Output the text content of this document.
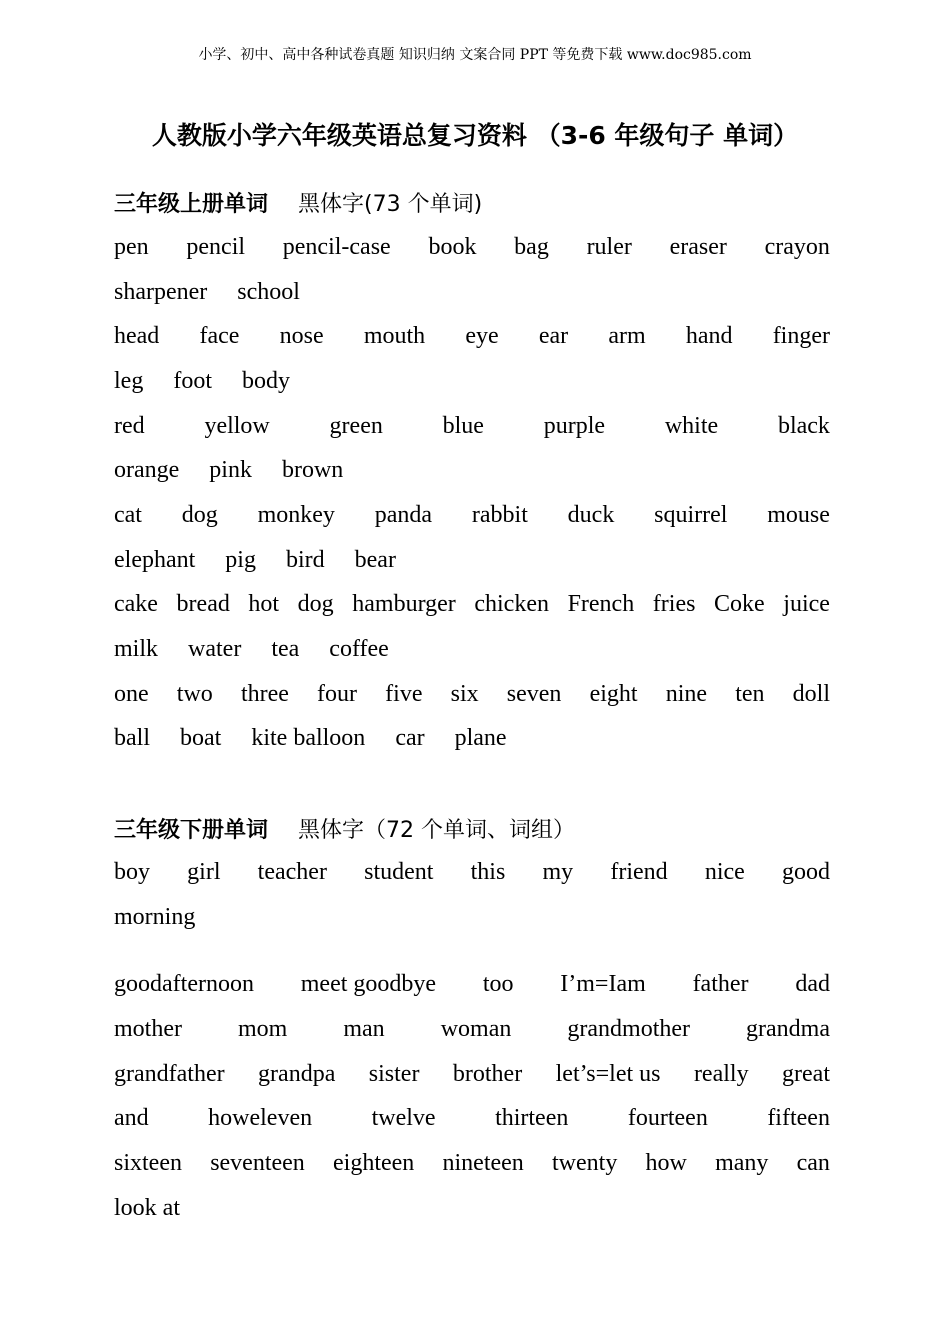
小学、初中、高中各种试卷真题 知识归纳 文案合同 PPT 等免费下载 www.doc985.com
人教版小学六年级英语总复习资料 （3-6 年级句子 单词）
三年级上册单词 黑体字(73 个单词)
pen pencil pencil-case book bag ruler eraser crayon
sharpener school
head face nose mouth eye ear arm hand finger
leg foot body
red yellow green blue purple white black
orange pink brown
cat dog monkey panda rabbit duck squirrel mouse
elephant pig bird bear
cake bread hot dog hamburger chicken French fries Coke juice
milk water tea coffee
one two three four five six seven eight nine ten doll
ball boat kite balloon car plane
三年级下册单词 黑体字（72 个单词、词组）
boy girl teacher student this my friend nice good
morning
goodafternoon meet goodbye too I’m=Iam father dad
mother mom man woman grandmother grandma
grandfather grandpa sister brother let’s=let us really great
and howeleven twelve thirteen fourteen fifteen
sixteen seventeen eighteen nineteen twenty how many can
look at
